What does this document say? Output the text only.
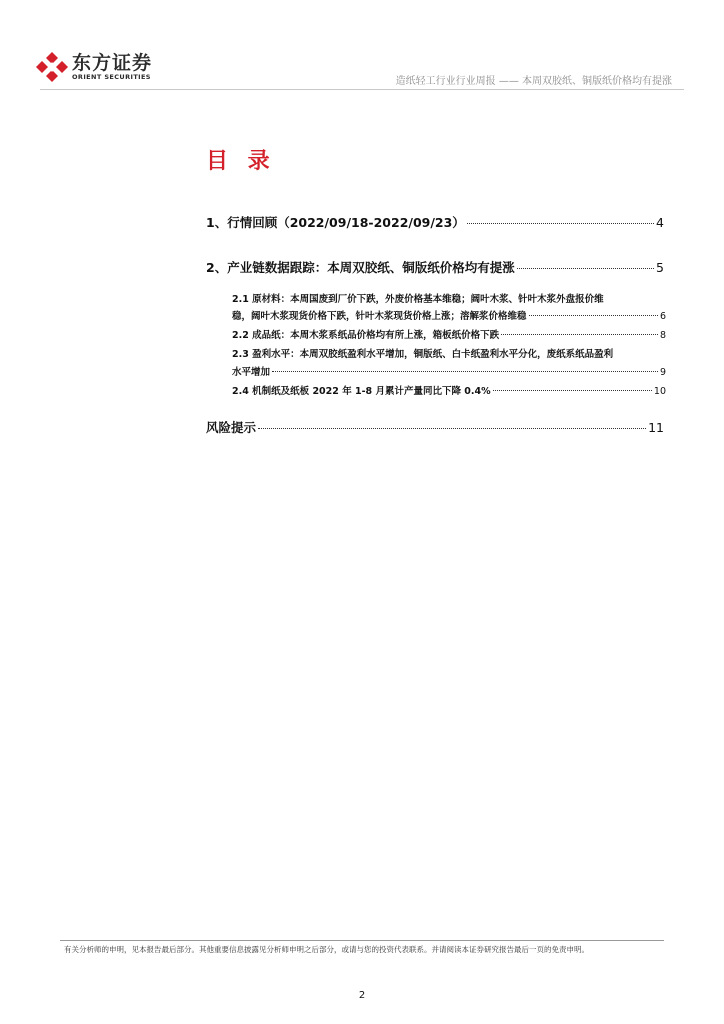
东方证券
ORIENT SECURITIES	造纸轻工行业行业周报 —— 本周双胶纸、铜版纸价格均有提涨
目 录
1、行情回顾（2022/09/18-2022/09/23）	4
2、产业链数据跟踪：本周双胶纸、铜版纸价格均有提涨	5
2.1 原材料：本周国废到厂价下跌，外废价格基本维稳；阔叶木浆、针叶木浆外盘报价维
稳，阔叶木浆现货价格下跌，针叶木浆现货价格上涨；溶解浆价格维稳	6
2.2 成品纸：本周木浆系纸品价格均有所上涨，箱板纸价格下跌	8
2.3 盈利水平：本周双胶纸盈利水平增加，铜版纸、白卡纸盈利水平分化，废纸系纸品盈利
水平增加	9
2.4 机制纸及纸板 2022 年 1-8 月累计产量同比下降 0.4%	10
风险提示	11
有关分析师的申明，见本报告最后部分。其他重要信息披露见分析师申明之后部分，或请与您的投资代表联系。并请阅读本证券研究报告最后一页的免责申明。
2
